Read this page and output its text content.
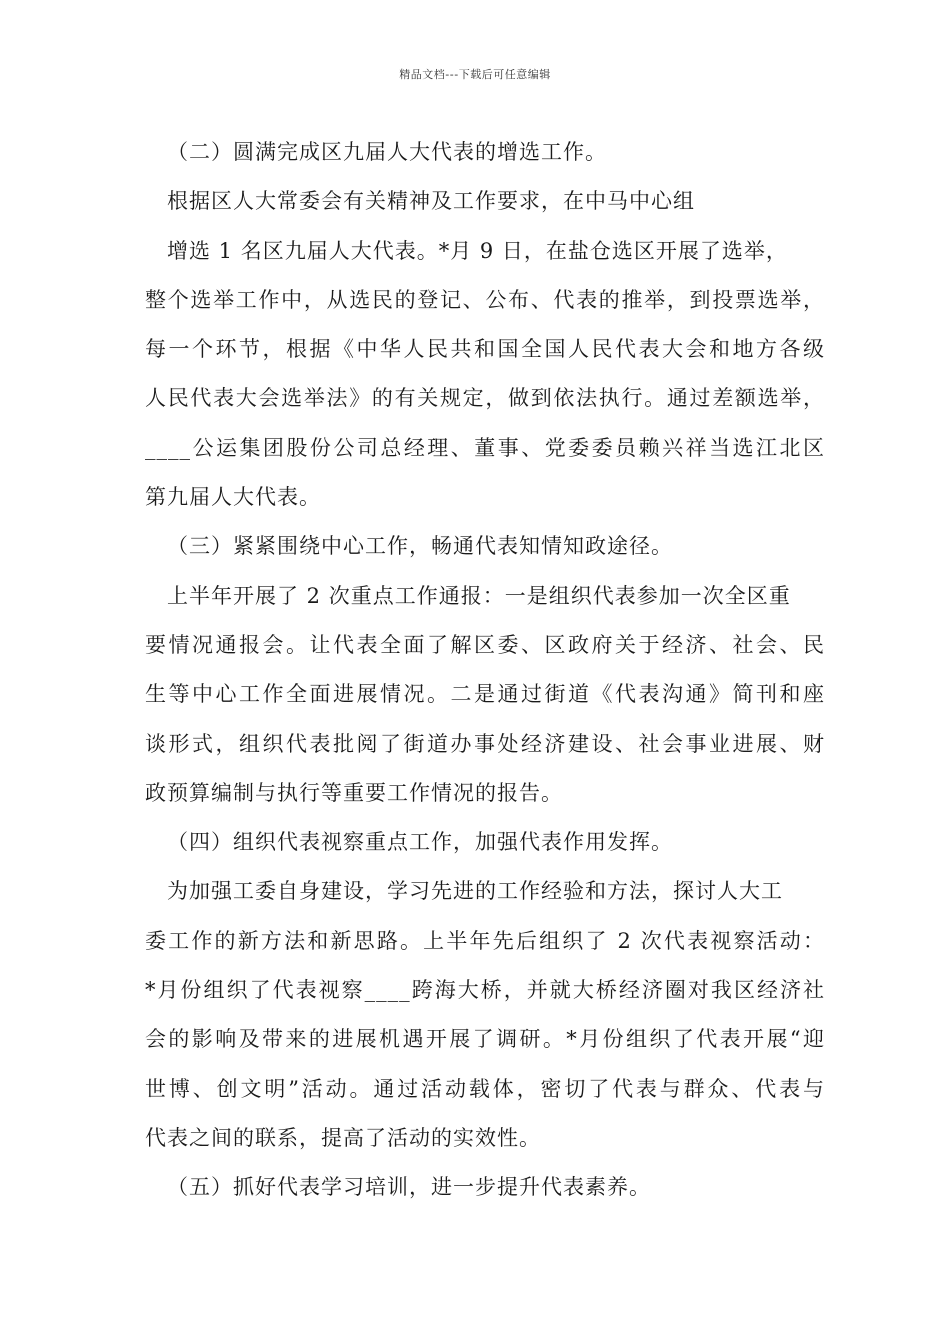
精品文档---下载后可任意编辑
（二）圆满完成区九届人大代表的增选工作。
根据区人大常委会有关精神及工作要求，在中马中心组
增选 1 名区九届人大代表。*月 9 日，在盐仓选区开展了选举，
整个选举工作中，从选民的登记、公布、代表的推举，到投票选举，
每一个环节，根据《中华人民共和国全国人民代表大会和地方各级
人民代表大会选举法》的有关规定，做到依法执行。通过差额选举，
____公运集团股份公司总经理、董事、党委委员赖兴祥当选江北区
第九届人大代表。
（三）紧紧围绕中心工作，畅通代表知情知政途径。
上半年开展了 2 次重点工作通报：一是组织代表参加一次全区重
要情况通报会。让代表全面了解区委、区政府关于经济、社会、民
生等中心工作全面进展情况。二是通过街道《代表沟通》简刊和座
谈形式，组织代表批阅了街道办事处经济建设、社会事业进展、财
政预算编制与执行等重要工作情况的报告。
（四）组织代表视察重点工作，加强代表作用发挥。
为加强工委自身建设，学习先进的工作经验和方法，探讨人大工
委工作的新方法和新思路。上半年先后组织了 2 次代表视察活动：
*月份组织了代表视察____跨海大桥，并就大桥经济圈对我区经济社
会的影响及带来的进展机遇开展了调研。*月份组织了代表开展“迎
世博、创文明”活动。通过活动载体，密切了代表与群众、代表与
代表之间的联系，提高了活动的实效性。
（五）抓好代表学习培训，进一步提升代表素养。
